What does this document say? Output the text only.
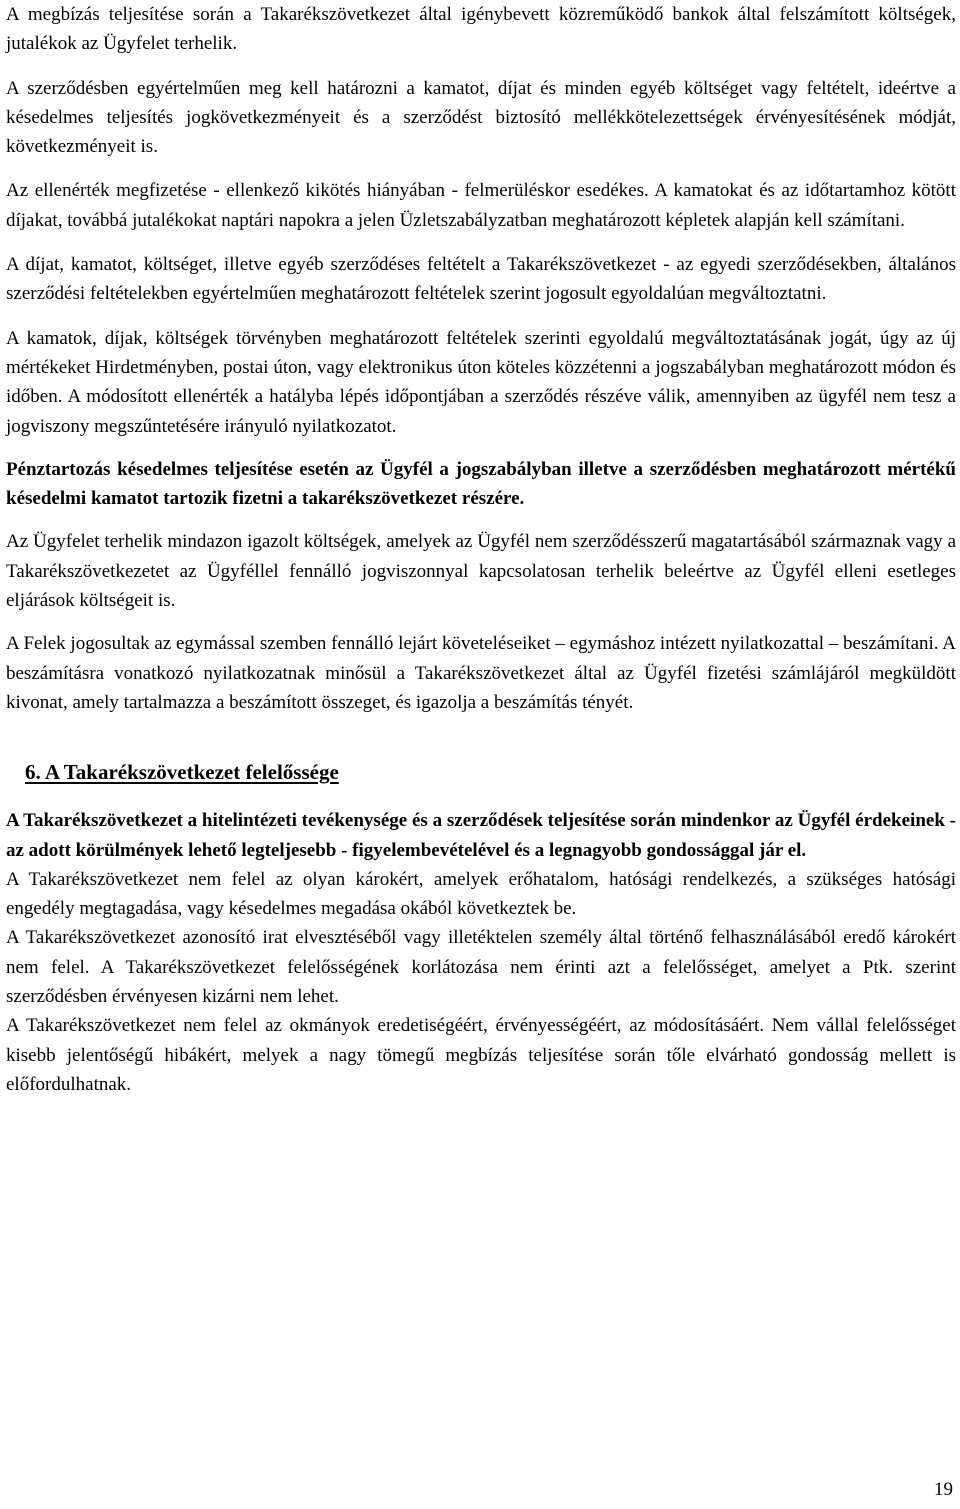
A megbízás teljesítése során a Takarékszövetkezet által igénybevett közreműködő bankok által felszámított költségek, jutalékok az Ügyfelet terhelik.

A szerződésben egyértelműen meg kell határozni a kamatot, díjat és minden egyéb költséget vagy feltételt, ideértve a késedelmes teljesítés jogkövetkezményeit és a szerződést biztosító mellékkötelezettségek érvényesítésének módját, következményeit is.

Az ellenérték megfizetése - ellenkező kikötés hiányában - felmerüléskor esedékes. A kamatokat és az időtartamhoz kötött díjakat, továbbá jutalékokat naptári napokra a jelen Üzletszabályzatban meghatározott képletek alapján kell számítani.

A díjat, kamatot, költséget, illetve egyéb szerződéses feltételt a Takarékszövetkezet - az egyedi szerződésekben, általános szerződési feltételekben egyértelműen meghatározott feltételek szerint jogosult egyoldalúan megváltoztatni.

A kamatok, díjak, költségek törvényben meghatározott feltételek szerinti egyoldalú megváltoztatásának jogát, úgy az új mértékeket Hirdetményben, postai úton, vagy elektronikus úton köteles közzétenni a jogszabályban meghatározott módon és időben. A módosított ellenérték a hatályba lépés időpontjában a szerződés részéve válik, amennyiben az ügyfél nem tesz a jogviszony megszűntetésére irányuló nyilatkozatot.

Pénztartozás késedelmes teljesítése esetén az Ügyfél a jogszabályban illetve a szerződésben meghatározott mértékű késedelmi kamatot tartozik fizetni a takarékszövetkezet részére.

Az Ügyfelet terhelik mindazon igazolt költségek, amelyek az Ügyfél nem szerződésszerű magatartásából származnak vagy a Takarékszövetkezetet az Ügyféllel fennálló jogviszonnyal kapcsolatosan terhelik beleértve az Ügyfél elleni esetleges eljárások költségeit is.

A Felek jogosultak az egymással szemben fennálló lejárt követeléseiket – egymáshoz intézett nyilatkozattal – beszámítani. A beszámításra vonatkozó nyilatkozatnak minősül a Takarékszövetkezet által az Ügyfél fizetési számlájáról megküldött kivonat, amely tartalmazza a beszámított összeget, és igazolja a beszámítás tényét.

6. A Takarékszövetkezet felelőssége

A Takarékszövetkezet a hitelintézeti tevékenysége és a szerződések teljesítése során mindenkor az Ügyfél érdekeinek - az adott körülmények lehető legteljesebb - figyelembevételével és a legnagyobb gondossággal jár el.

A Takarékszövetkezet nem felel az olyan károkért, amelyek erőhatalom, hatósági rendelkezés, a szükséges hatósági engedély megtagadása, vagy késedelmes megadása okából következtek be.

A Takarékszövetkezet azonosító irat elvesztéséből vagy illetéktelen személy által történő felhasználásából eredő károkért nem felel. A Takarékszövetkezet felelősségének korlátozása nem érinti azt a felelősséget, amelyet a Ptk. szerint szerződésben érvényesen kizárni nem lehet.

A Takarékszövetkezet nem felel az okmányok eredetiségéért, érvényességéért, az módosításáért. Nem vállal felelősséget kisebb jelentőségű hibákért, melyek a nagy tömegű megbízás teljesítése során tőle elvárható gondosság mellett is előfordulhatnak.

19
